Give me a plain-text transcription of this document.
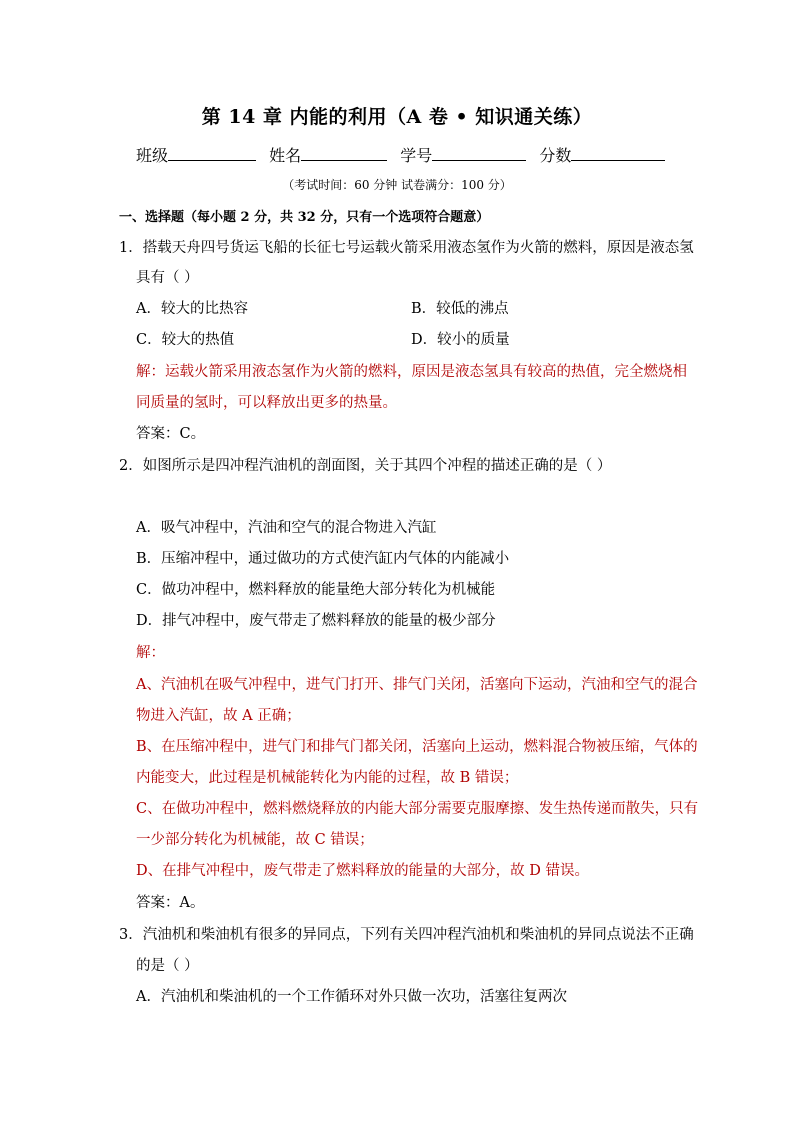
第 14 章 内能的利用（A 卷 • 知识通关练）
班级	姓名	学号	分数
（考试时间：60 分钟 试卷满分：100 分）
一、选择题（每小题 2 分，共 32 分，只有一个选项符合题意）
1．搭载天舟四号货运飞船的长征七号运载火箭采用液态氢作为火箭的燃料，原因是液态氢
具有（ ）
A．较大的比热容	B．较低的沸点
C．较大的热值	D．较小的质量
解：运载火箭采用液态氢作为火箭的燃料，原因是液态氢具有较高的热值，完全燃烧相
同质量的氢时，可以释放出更多的热量。
答案：C。
2．如图所示是四冲程汽油机的剖面图，关于其四个冲程的描述正确的是（ ）
A．吸气冲程中，汽油和空气的混合物进入汽缸
B．压缩冲程中，通过做功的方式使汽缸内气体的内能减小
C．做功冲程中，燃料释放的能量绝大部分转化为机械能
D．排气冲程中，废气带走了燃料释放的能量的极少部分
解：
A、汽油机在吸气冲程中，进气门打开、排气门关闭，活塞向下运动，汽油和空气的混合
物进入汽缸，故 A 正确；
B、在压缩冲程中，进气门和排气门都关闭，活塞向上运动，燃料混合物被压缩，气体的
内能变大，此过程是机械能转化为内能的过程，故 B 错误；
C、在做功冲程中，燃料燃烧释放的内能大部分需要克服摩擦、发生热传递而散失，只有
一少部分转化为机械能，故 C 错误；
D、在排气冲程中，废气带走了燃料释放的能量的大部分，故 D 错误。
答案：A。
3．汽油机和柴油机有很多的异同点，下列有关四冲程汽油机和柴油机的异同点说法不正确
的是（ ）
A．汽油机和柴油机的一个工作循环对外只做一次功，活塞往复两次
